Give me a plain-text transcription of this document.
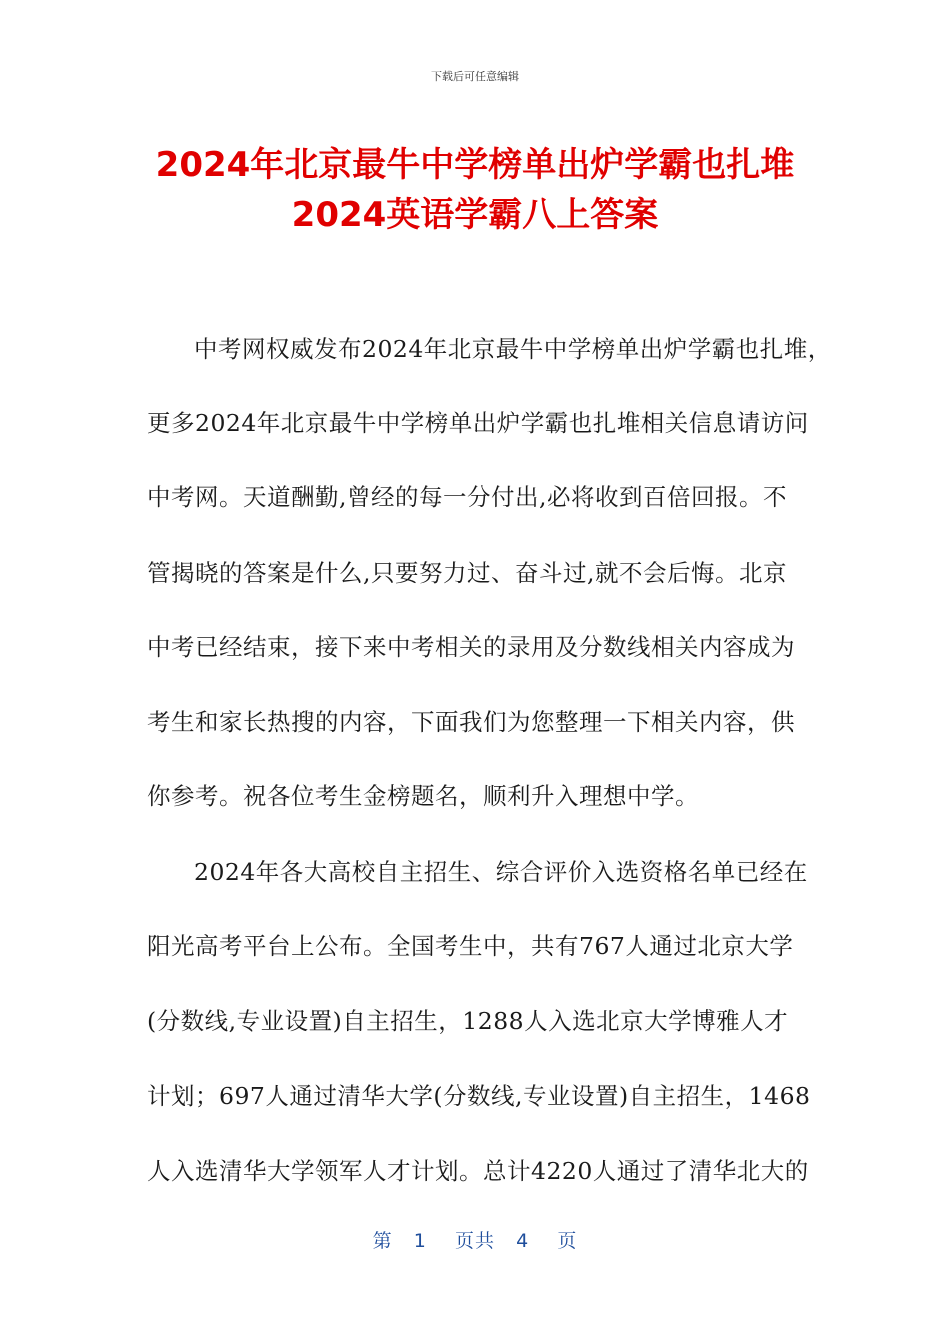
下载后可任意编辑
2024年北京最牛中学榜单出炉学霸也扎堆
2024英语学霸八上答案
中考网权威发布2024年北京最牛中学榜单出炉学霸也扎堆，
更多2024年北京最牛中学榜单出炉学霸也扎堆相关信息请访问
中考网。天道酬勤,曾经的每一分付出,必将收到百倍回报。不
管揭晓的答案是什么,只要努力过、奋斗过,就不会后悔。北京
中考已经结束，接下来中考相关的录用及分数线相关内容成为
考生和家长热搜的内容，下面我们为您整理一下相关内容，供
你参考。祝各位考生金榜题名，顺利升入理想中学。
2024年各大高校自主招生、综合评价入选资格名单已经在
阳光高考平台上公布。全国考生中，共有767人通过北京大学
(分数线,专业设置)自主招生，1288人入选北京大学博雅人才
计划；697人通过清华大学(分数线,专业设置)自主招生，1468
人入选清华大学领军人才计划。总计4220人通过了清华北大的
第 1 页共 4 页
